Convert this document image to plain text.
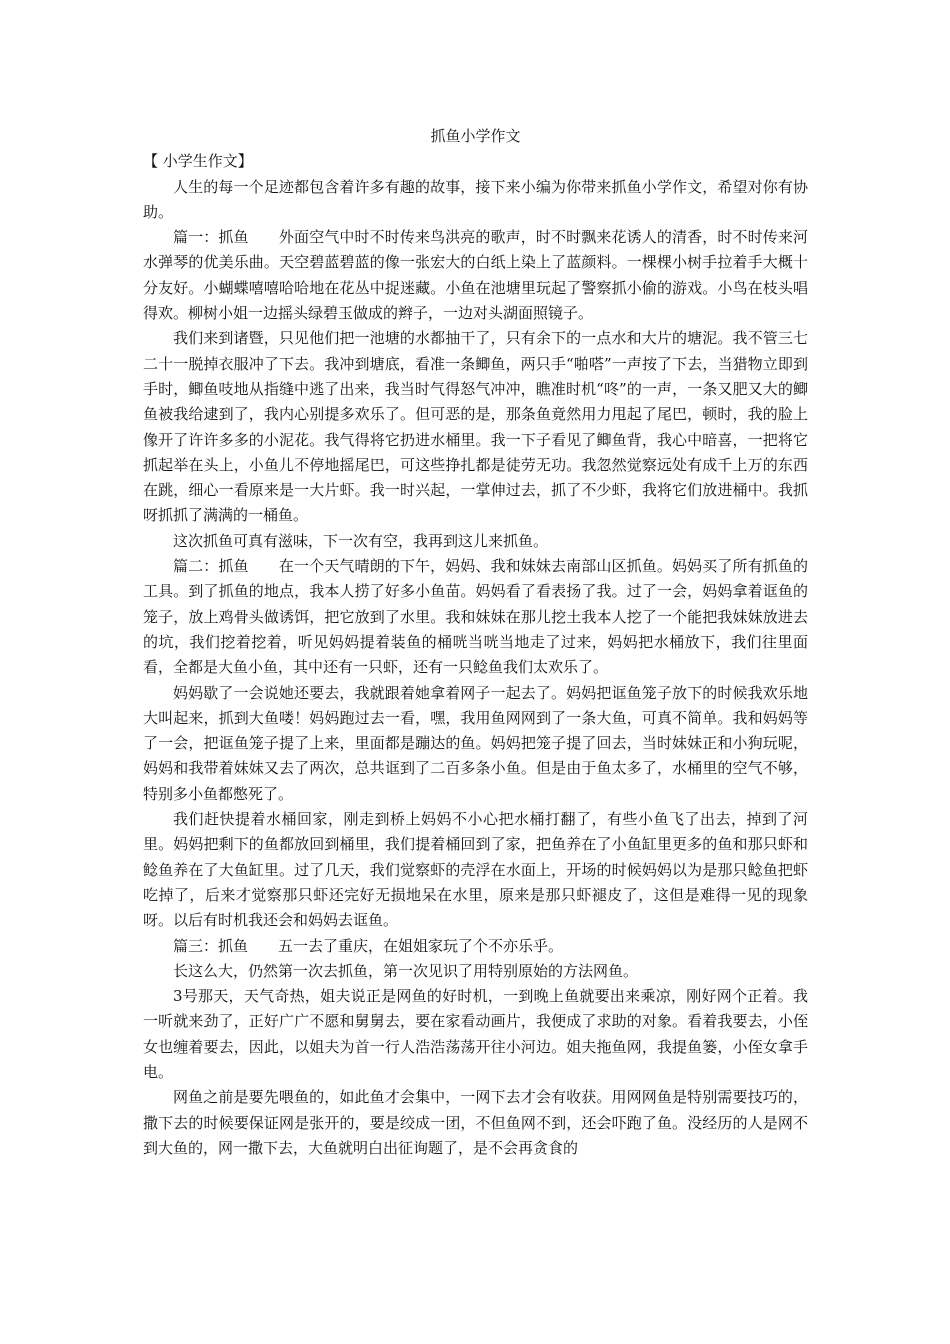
抓鱼小学作文

【 小学生作文】

人生的每一个足迹都包含着许多有趣的故事，接下来小编为你带来抓鱼小学作文，希望对你有协助。

篇一：抓鱼　　外面空气中时不时传来鸟洪亮的歌声，时不时飘来花诱人的清香，时不时传来河水弹琴的优美乐曲。天空碧蓝碧蓝的像一张宏大的白纸上染上了蓝颜料。一棵棵小树手拉着手大概十分友好。小蝴蝶嘻嘻哈哈地在花丛中捉迷藏。小鱼在池塘里玩起了警察抓小偷的游戏。小鸟在枝头唱得欢。柳树小姐一边摇头绿碧玉做成的辫子，一边对头湖面照镜子。

我们来到诸暨，只见他们把一池塘的水都抽干了，只有余下的一点水和大片的塘泥。我不管三七二十一脱掉衣服冲了下去。我冲到塘底，看准一条鲫鱼，两只手“啪嗒”一声按了下去，当猎物立即到手时，鲫鱼吱地从指缝中逃了出来，我当时气得怒气冲冲，瞧准时机“咚”的一声，一条又肥又大的鲫鱼被我给逮到了，我内心别提多欢乐了。但可恶的是，那条鱼竟然用力甩起了尾巴，顿时，我的脸上像开了许许多多的小泥花。我气得将它扔进水桶里。我一下子看见了鲫鱼背，我心中暗喜，一把将它抓起举在头上，小鱼儿不停地摇尾巴，可这些挣扎都是徒劳无功。我忽然觉察远处有成千上万的东西在跳，细心一看原来是一大片虾。我一时兴起，一掌伸过去，抓了不少虾，我将它们放进桶中。我抓呀抓抓了满满的一桶鱼。

这次抓鱼可真有滋味，下一次有空，我再到这儿来抓鱼。

篇二：抓鱼　　在一个天气晴朗的下午，妈妈、我和妹妹去南部山区抓鱼。妈妈买了所有抓鱼的工具。到了抓鱼的地点，我本人捞了好多小鱼苗。妈妈看了看表扬了我。过了一会，妈妈拿着诓鱼的笼子，放上鸡骨头做诱饵，把它放到了水里。我和妹妹在那儿挖土我本人挖了一个能把我妹妹放进去的坑，我们挖着挖着，听见妈妈提着装鱼的桶咣当咣当地走了过来，妈妈把水桶放下，我们往里面看，全都是大鱼小鱼，其中还有一只虾，还有一只鲶鱼我们太欢乐了。

妈妈歇了一会说她还要去，我就跟着她拿着网子一起去了。妈妈把诓鱼笼子放下的时候我欢乐地大叫起来，抓到大鱼喽！妈妈跑过去一看，嘿，我用鱼网网到了一条大鱼，可真不简单。我和妈妈等了一会，把诓鱼笼子提了上来，里面都是蹦达的鱼。妈妈把笼子提了回去，当时妹妹正和小狗玩呢，妈妈和我带着妹妹又去了两次，总共诓到了二百多条小鱼。但是由于鱼太多了，水桶里的空气不够，特别多小鱼都憋死了。

我们赶快提着水桶回家，刚走到桥上妈妈不小心把水桶打翻了，有些小鱼飞了出去，掉到了河里。妈妈把剩下的鱼都放回到桶里，我们提着桶回到了家，把鱼养在了小鱼缸里更多的鱼和那只虾和鲶鱼养在了大鱼缸里。过了几天，我们觉察虾的壳浮在水面上，开场的时候妈妈以为是那只鲶鱼把虾吃掉了，后来才觉察那只虾还完好无损地呆在水里，原来是那只虾褪皮了，这但是难得一见的现象呀。以后有时机我还会和妈妈去诓鱼。

篇三：抓鱼　　五一去了重庆，在姐姐家玩了个不亦乐乎。

长这么大，仍然第一次去抓鱼，第一次见识了用特别原始的方法网鱼。

3号那天，天气奇热，姐夫说正是网鱼的好时机，一到晚上鱼就要出来乘凉，刚好网个正着。我一听就来劲了，正好广广不愿和舅舅去，要在家看动画片，我便成了求助的对象。看着我要去，小侄女也缠着要去，因此，以姐夫为首一行人浩浩荡荡开往小河边。姐夫拖鱼网，我提鱼篓，小侄女拿手电。

网鱼之前是要先喂鱼的，如此鱼才会集中，一网下去才会有收获。用网网鱼是特别需要技巧的，撒下去的时候要保证网是张开的，要是绞成一团，不但鱼网不到，还会吓跑了鱼。没经历的人是网不到大鱼的，网一撒下去，大鱼就明白出征询题了，是不会再贪食的
